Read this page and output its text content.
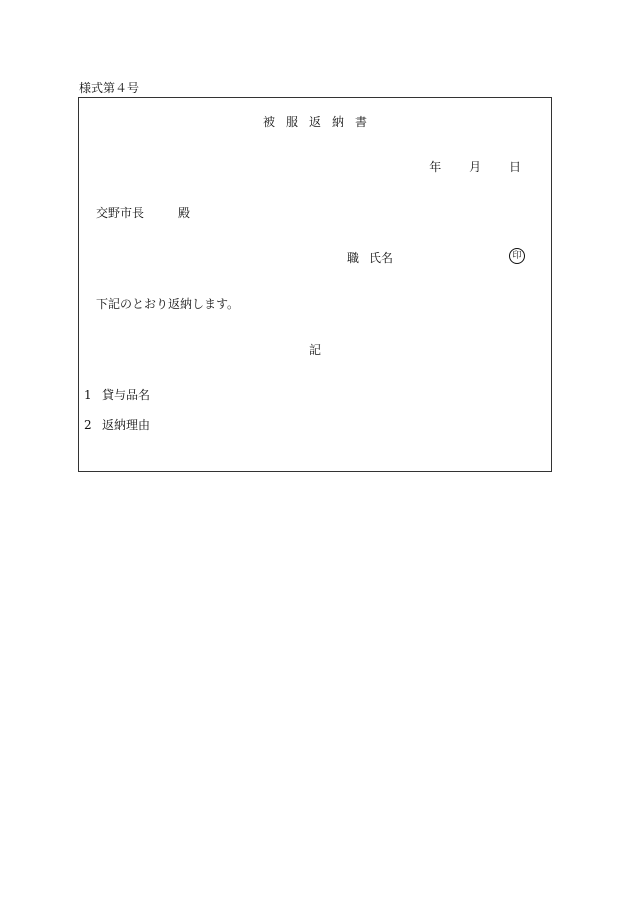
様式第４号
被服返納書
年 月 日
交野市長	殿
職 氏名	印
下記のとおり返納します。
記
1 貸与品名
2 返納理由
